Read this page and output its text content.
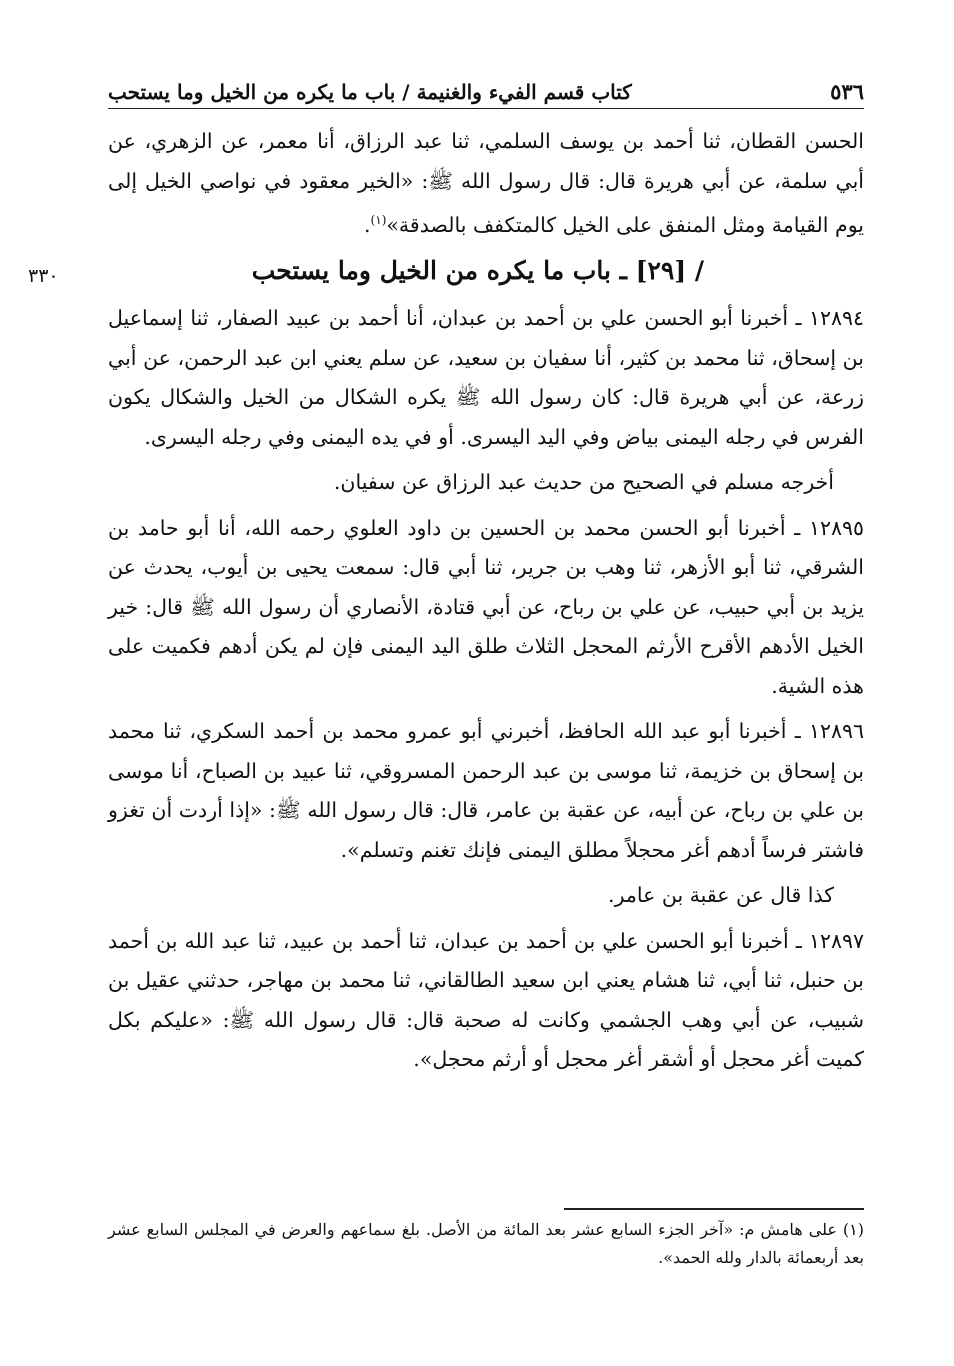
٥٣٦
كتاب قسم الفيء والغنيمة / باب ما يكره من الخيل وما يستحب

الحسن القطان، ثنا أحمد بن يوسف السلمي، ثنا عبد الرزاق، أنا معمر، عن الزهري، عن أبي سلمة، عن أبي هريرة قال: قال رسول الله ﷺ: «الخير معقود في نواصي الخيل إلى يوم القيامة ومثل المنفق على الخيل كالمتكفف بالصدقة»$^{(١)}$.

٣٣٠	/ [٢٩] ـ باب ما يكره من الخيل وما يستحب

١٢٨٩٤ ـ أخبرنا أبو الحسن علي بن أحمد بن عبدان، أنا أحمد بن عبيد الصفار، ثنا إسماعيل بن إسحاق، ثنا محمد بن كثير، أنا سفيان بن سعيد، عن سلم يعني ابن عبد الرحمن، عن أبي زرعة، عن أبي هريرة قال: كان رسول الله ﷺ يكره الشكال من الخيل والشكال يكون الفرس في رجله اليمنى بياض وفي اليد اليسرى. أو في يده اليمنى وفي رجله اليسرى.

أخرجه مسلم في الصحيح من حديث عبد الرزاق عن سفيان.

١٢٨٩٥ ـ أخبرنا أبو الحسن محمد بن الحسين بن داود العلوي رحمه الله، أنا أبو حامد بن الشرقي، ثنا أبو الأزهر، ثنا وهب بن جرير، ثنا أبي قال: سمعت يحيى بن أيوب، يحدث عن يزيد بن أبي حبيب، عن علي بن رباح، عن أبي قتادة، الأنصاري أن رسول الله ﷺ قال: خير الخيل الأدهم الأقرح الأرثم المحجل الثلاث طلق اليد اليمنى فإن لم يكن أدهم فكميت على هذه الشية.

١٢٨٩٦ ـ أخبرنا أبو عبد الله الحافظ، أخبرني أبو عمرو محمد بن أحمد السكري، ثنا محمد بن إسحاق بن خزيمة، ثنا موسى بن عبد الرحمن المسروقي، ثنا عبيد بن الصباح، أنا موسى بن علي بن رباح، عن أبيه، عن عقبة بن عامر، قال: قال رسول الله ﷺ: «إذا أردت أن تغزو فاشتر فرساً أدهم أغر محجلاً مطلق اليمنى فإنك تغنم وتسلم».

كذا قال عن عقبة بن عامر.

١٢٨٩٧ ـ أخبرنا أبو الحسن علي بن أحمد بن عبدان، ثنا أحمد بن عبيد، ثنا عبد الله بن أحمد بن حنبل، ثنا أبي، ثنا هشام يعني ابن سعيد الطالقاني، ثنا محمد بن مهاجر، حدثني عقيل بن شبيب، عن أبي وهب الجشمي وكانت له صحبة قال: قال رسول الله ﷺ: «عليكم بكل كميت أغر محجل أو أشقر أغر محجل أو أرثم محجل».

(١) على هامش م: «آخر الجزء السابع عشر بعد المائة من الأصل. بلغ سماعهم والعرض في المجلس السابع عشر بعد أربعمائة بالدار ولله الحمد».
